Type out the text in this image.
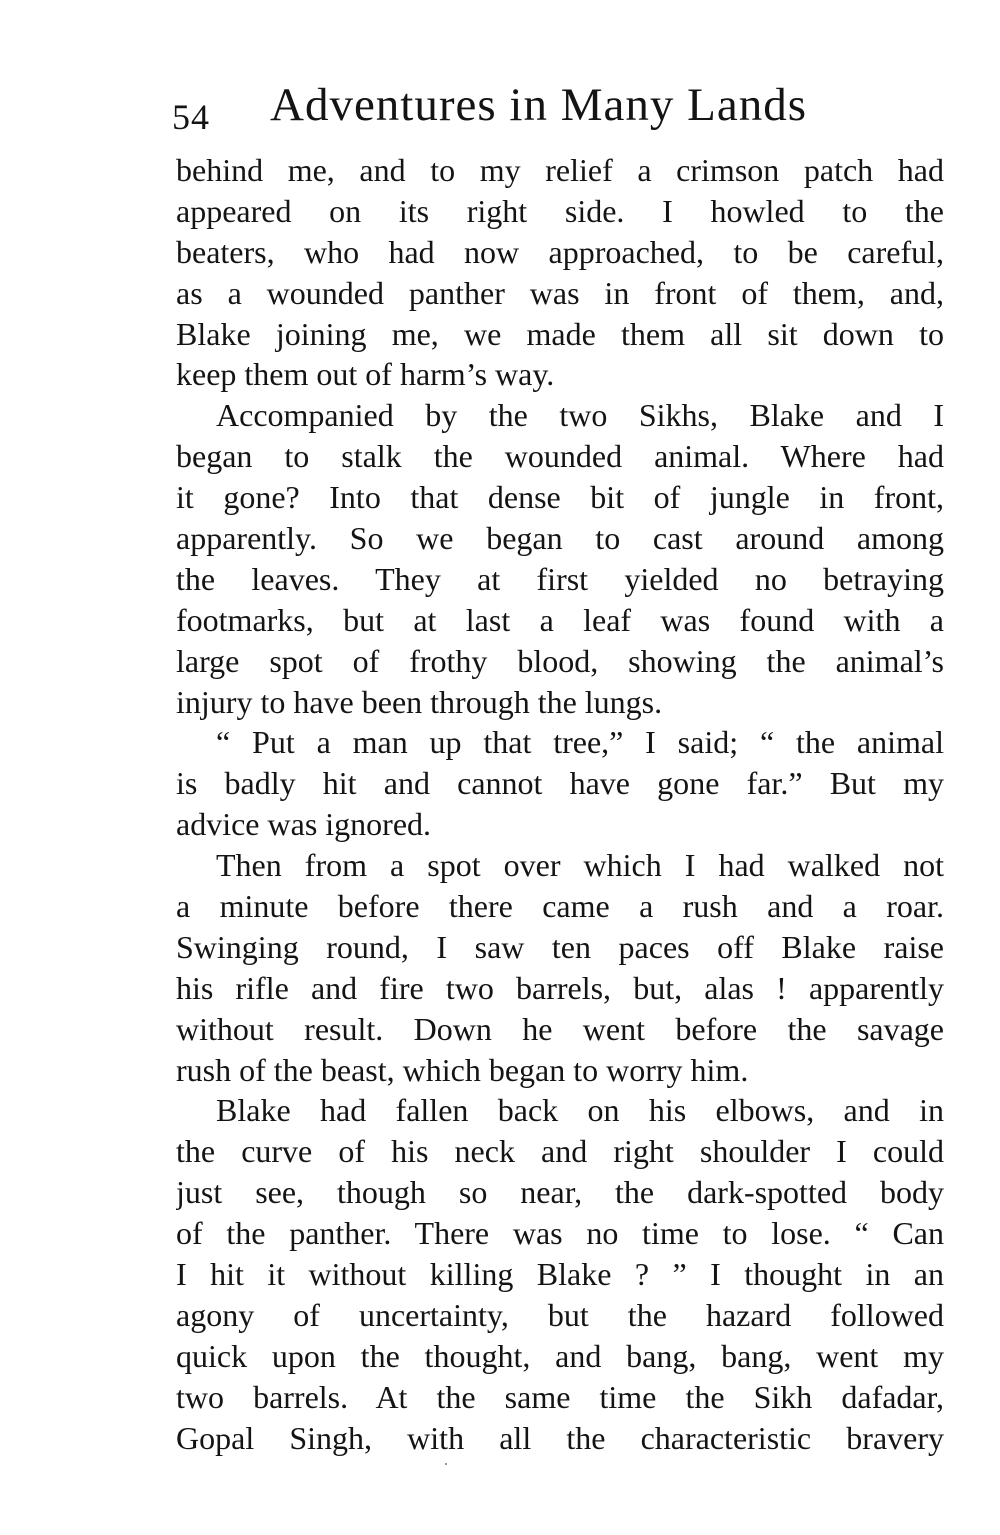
54 Adventures in Many Lands
behind me, and to my relief a crimson patch had
appeared on its right side. I howled to the
beaters, who had now approached, to be careful,
as a wounded panther was in front of them, and,
Blake joining me, we made them all sit down to
keep them out of harm’s way.
Accompanied by the two Sikhs, Blake and I
began to stalk the wounded animal. Where had
it gone? Into that dense bit of jungle in front,
apparently. So we began to cast around among
the leaves. They at first yielded no betraying
footmarks, but at last a leaf was found with a
large spot of frothy blood, showing the animal’s
injury to have been through the lungs.
“ Put a man up that tree,” I said; “ the animal
is badly hit and cannot have gone far.” But my
advice was ignored.
Then from a spot over which I had walked not
a minute before there came a rush and a roar.
Swinging round, I saw ten paces off Blake raise
his rifle and fire two barrels, but, alas ! apparently
without result. Down he went before the savage
rush of the beast, which began to worry him.
Blake had fallen back on his elbows, and in
the curve of his neck and right shoulder I could
just see, though so near, the dark-spotted body
of the panther. There was no time to lose. “ Can
I hit it without killing Blake ? ” I thought in an
agony of uncertainty, but the hazard followed
quick upon the thought, and bang, bang, went my
two barrels. At the same time the Sikh dafadar,
Gopal Singh, with all the characteristic bravery
